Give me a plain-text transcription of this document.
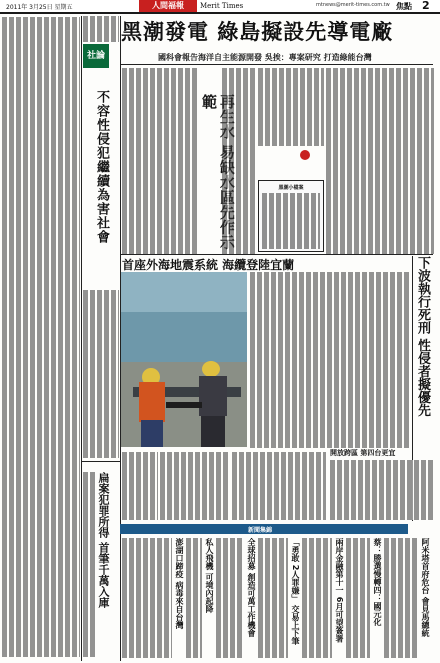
2011年 3月25日 星期五	人間福報	Merit Times	mtnews@merit-times.com.tw 焦點 2
社論
不容性侵犯繼續為害社會
黑潮發電 綠島擬設先導電廠
國科會報告海洋自主能源開發 吳挨：專案研究 打造綠能台灣
範
黑潮小檔案
首座外海地震系統 海纜登陸宜蘭	下波執行死刑 性侵者擬優先
開放跨區 第四台更宜
新聞集錦
澎湖口蹄疫 病毒來自台灣	私人飛機 可境內起降	全球招募 創造可萬工作機會	「勇敢 2人罪嫌」 交易上下筆	兩岸金融第十一 6月可望簽署	蔡：勝選慢轉四：國元化	阿米塔首府危台 會見馬總統
扁案犯罪所得 首筆千萬入庫
